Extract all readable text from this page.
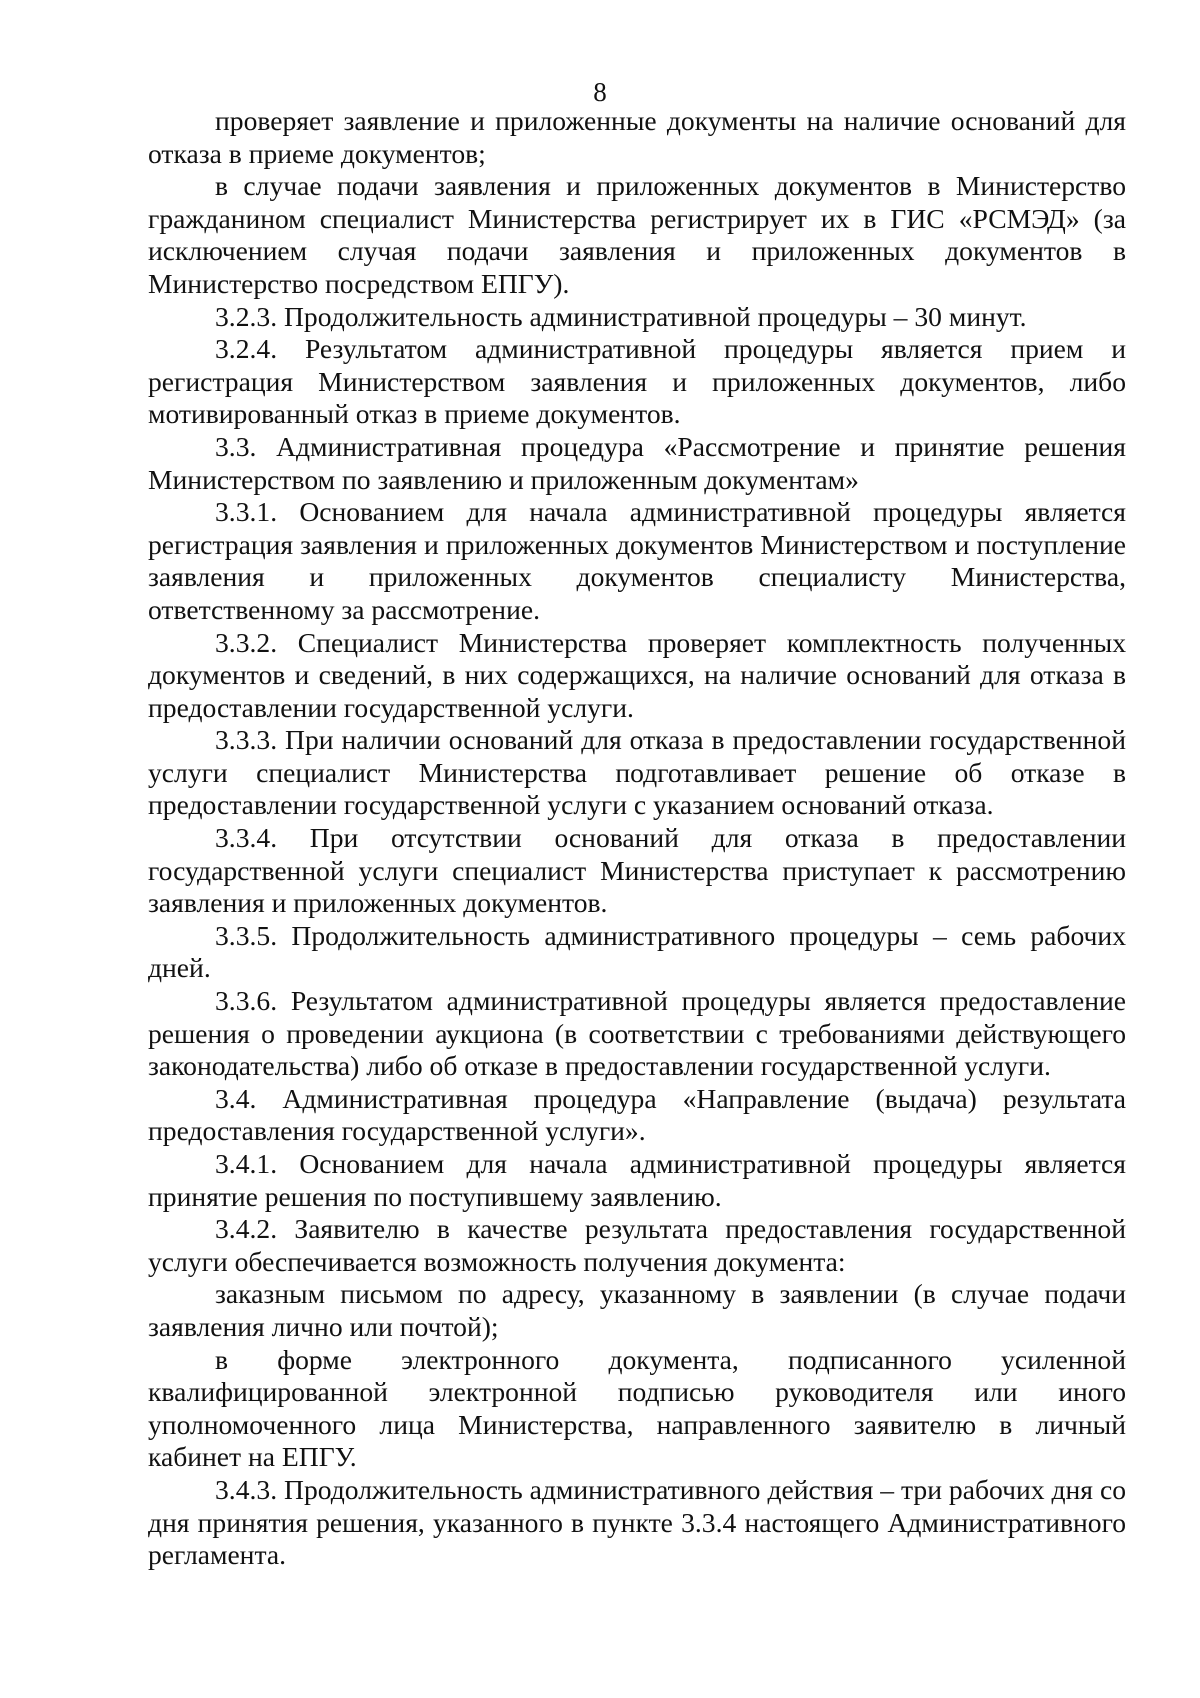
8

проверяет заявление и приложенные документы на наличие оснований для отказа в приеме документов;

в случае подачи заявления и приложенных документов в Министерство гражданином специалист Министерства регистрирует их в ГИС «РСМЭД» (за исключением случая подачи заявления и приложенных документов в Министерство посредством ЕПГУ).

3.2.3. Продолжительность административной процедуры – 30 минут.

3.2.4. Результатом административной процедуры является прием и регистрация Министерством заявления и приложенных документов, либо мотивированный отказ в приеме документов.

3.3. Административная процедура «Рассмотрение и принятие решения Министерством по заявлению и приложенным документам»

3.3.1. Основанием для начала административной процедуры является регистрация заявления и приложенных документов Министерством и поступление заявления и приложенных документов специалисту Министерства, ответственному за рассмотрение.

3.3.2. Специалист Министерства проверяет комплектность полученных документов и сведений, в них содержащихся, на наличие оснований для отказа в предоставлении государственной услуги.

3.3.3. При наличии оснований для отказа в предоставлении государственной услуги специалист Министерства подготавливает решение об отказе в предоставлении государственной услуги с указанием оснований отказа.

3.3.4. При отсутствии оснований для отказа в предоставлении государственной услуги специалист Министерства приступает к рассмотрению заявления и приложенных документов.

3.3.5. Продолжительность административного процедуры – семь рабочих дней.

3.3.6. Результатом административной процедуры является предоставление решения о проведении аукциона (в соответствии с требованиями действующего законодательства) либо об отказе в предоставлении государственной услуги.

3.4. Административная процедура «Направление (выдача) результата предоставления государственной услуги».

3.4.1. Основанием для начала административной процедуры является принятие решения по поступившему заявлению.

3.4.2. Заявителю в качестве результата предоставления государственной услуги обеспечивается возможность получения документа:

заказным письмом по адресу, указанному в заявлении (в случае подачи заявления лично или почтой);

в форме электронного документа, подписанного усиленной квалифицированной электронной подписью руководителя или иного уполномоченного лица Министерства, направленного заявителю в личный кабинет на ЕПГУ.

3.4.3. Продолжительность административного действия – три рабочих дня со дня принятия решения, указанного в пункте 3.3.4 настоящего Административного регламента.
